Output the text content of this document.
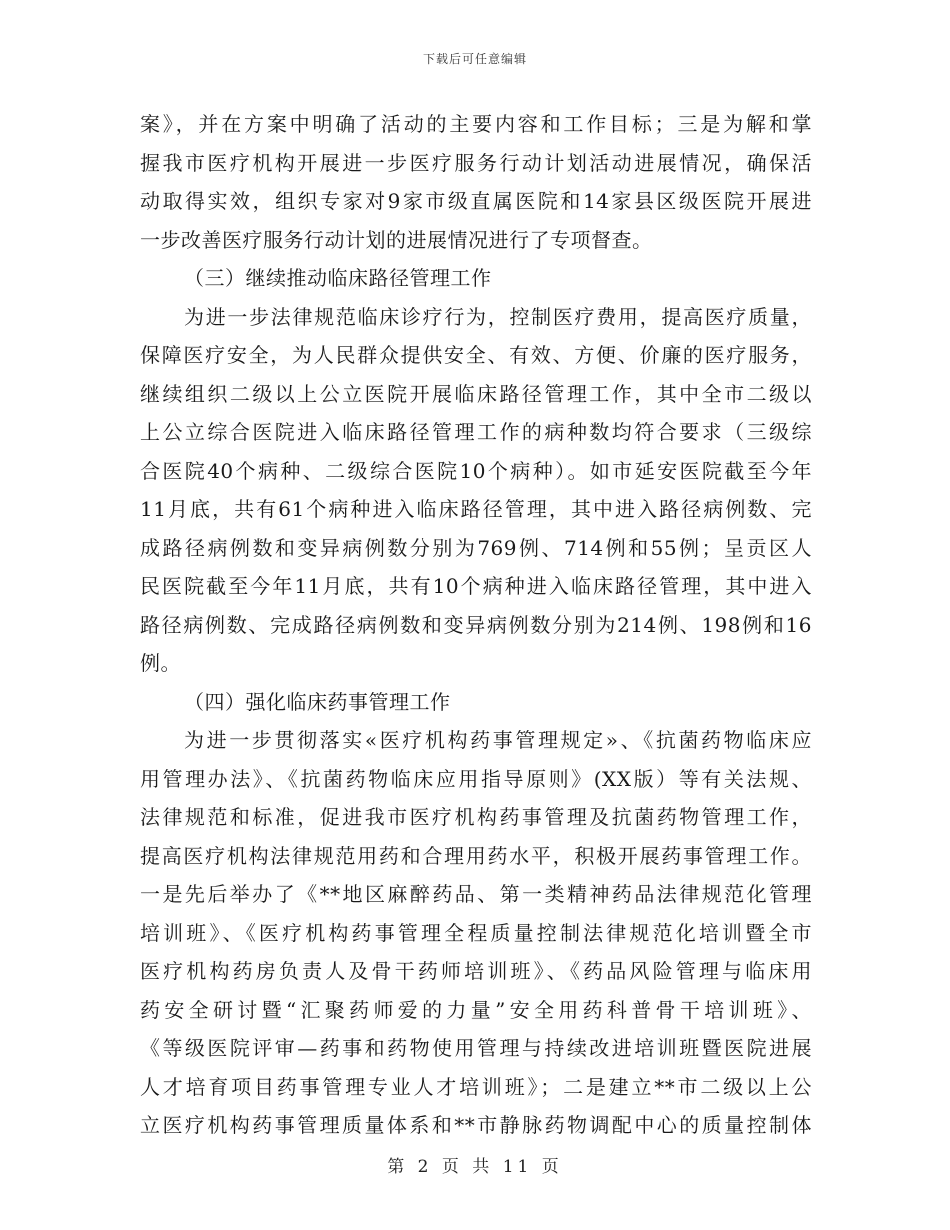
下载后可任意编辑
案》，并在方案中明确了活动的主要内容和工作目标；三是为解和掌
握我市医疗机构开展进一步医疗服务行动计划活动进展情况，确保活
动取得实效，组织专家对9家市级直属医院和14家县区级医院开展进
一步改善医疗服务行动计划的进展情况进行了专项督查。
（三）继续推动临床路径管理工作
为进一步法律规范临床诊疗行为，控制医疗费用，提高医疗质量，
保障医疗安全，为人民群众提供安全、有效、方便、价廉的医疗服务，
继续组织二级以上公立医院开展临床路径管理工作，其中全市二级以
上公立综合医院进入临床路径管理工作的病种数均符合要求（三级综
合医院40个病种、二级综合医院10个病种）。如市延安医院截至今年
11月底，共有61个病种进入临床路径管理，其中进入路径病例数、完
成路径病例数和变异病例数分别为769例、714例和55例；呈贡区人
民医院截至今年11月底，共有10个病种进入临床路径管理，其中进入
路径病例数、完成路径病例数和变异病例数分别为214例、198例和16
例。
（四）强化临床药事管理工作
为进一步贯彻落实«医疗机构药事管理规定»、《抗菌药物临床应
用管理办法》、《抗菌药物临床应用指导原则》(XX版）等有关法规、
法律规范和标准，促进我市医疗机构药事管理及抗菌药物管理工作，
提高医疗机构法律规范用药和合理用药水平，积极开展药事管理工作。
一是先后举办了《**地区麻醉药品、第一类精神药品法律规范化管理
培训班》、《医疗机构药事管理全程质量控制法律规范化培训暨全市
医疗机构药房负责人及骨干药师培训班》、《药品风险管理与临床用
药安全研讨暨“汇聚药师爱的力量”安全用药科普骨干培训班》、
《等级医院评审—药事和药物使用管理与持续改进培训班暨医院进展
人才培育项目药事管理专业人才培训班》；二是建立**市二级以上公
立医疗机构药事管理质量体系和**市静脉药物调配中心的质量控制体
第 2 页 共 11 页
